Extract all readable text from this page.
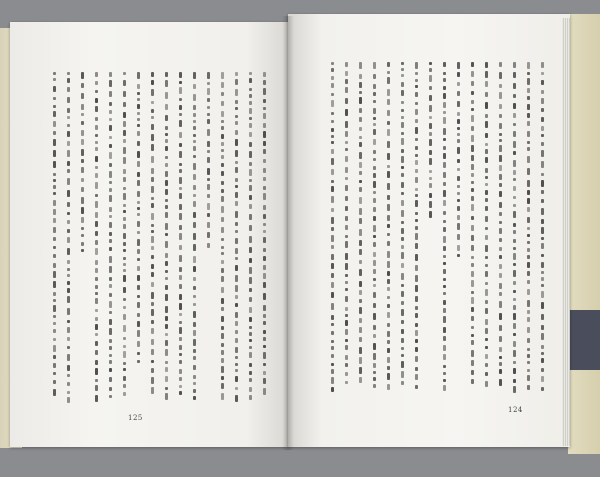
125
124
